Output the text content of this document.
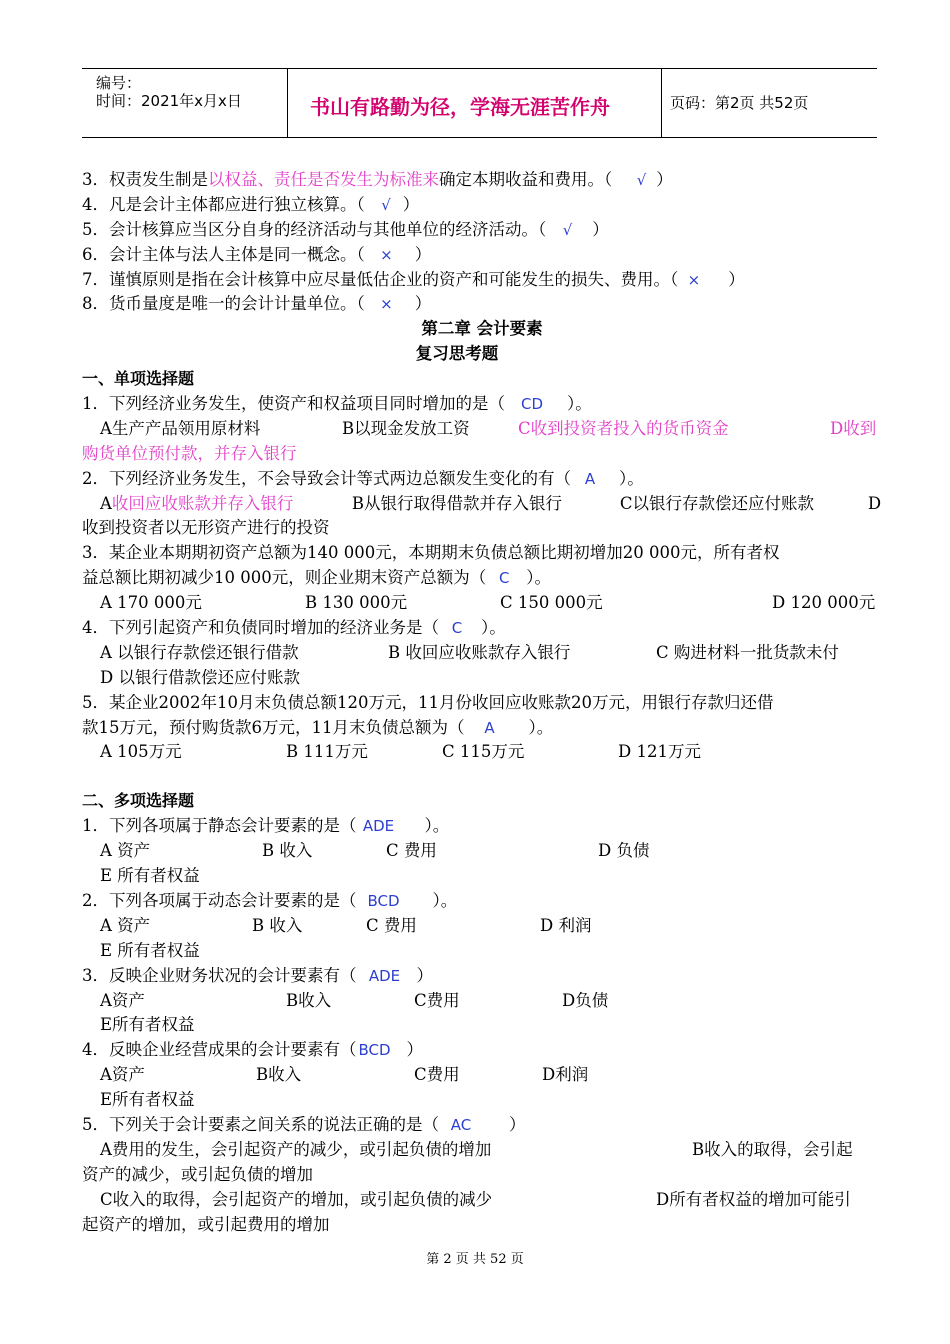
编号：
时间：2021年x月x日	书山有路勤为径，学海无涯苦作舟	页码：第2页 共52页
3．权责发生制是以权益、责任是否发生为标准来确定本期收益和费用。（ √ ）
4．凡是会计主体都应进行独立核算。（ √ ）
5．会计核算应当区分自身的经济活动与其他单位的经济活动。（ √ ）
6．会计主体与法人主体是同一概念。（ × ）
7．谨慎原则是指在会计核算中应尽量低估企业的资产和可能发生的损失、费用。（ × ）
8．货币量度是唯一的会计计量单位。（ × ）
第二章 会计要素
复习思考题
一、单项选择题
1．下列经济业务发生，使资产和权益项目同时增加的是（ CD ）。
A生产产品领用原材料	B以现金发放工资	C收到投资者投入的货币资金	D收到
购货单位预付款，并存入银行
2．下列经济业务发生，不会导致会计等式两边总额发生变化的有（ A ）。
A收回应收账款并存入银行	B从银行取得借款并存入银行	C以银行存款偿还应付账款	D
收到投资者以无形资产进行的投资
3．某企业本期期初资产总额为140 000元，本期期末负债总额比期初增加20 000元，所有者权
益总额比期初减少10 000元，则企业期末资产总额为（ C ）。
A 170 000元	B 130 000元	C 150 000元	D 120 000元
4．下列引起资产和负债同时增加的经济业务是（ C ）。
A 以银行存款偿还银行借款	B 收回应收账款存入银行	C 购进材料一批货款未付
D 以银行借款偿还应付账款
5．某企业2002年10月末负债总额120万元，11月份收回应收账款20万元，用银行存款归还借
款15万元，预付购货款6万元，11月末负债总额为（ A ）。
A 105万元	B 111万元	C 115万元	D 121万元
二、多项选择题
1．下列各项属于静态会计要素的是（ ADE ）。
A 资产	B 收入	C 费用	D 负债
E 所有者权益
2．下列各项属于动态会计要素的是（ BCD ）。
A 资产	B 收入	C 费用	D 利润
E 所有者权益
3．反映企业财务状况的会计要素有（ ADE ）
A资产	B收入	C费用	D负债
E所有者权益
4．反映企业经营成果的会计要素有（ BCD ）
A资产	B收入	C费用	D利润
E所有者权益
5．下列关于会计要素之间关系的说法正确的是（ AC ）
A费用的发生，会引起资产的减少，或引起负债的增加	B收入的取得，会引起
资产的减少，或引起负债的增加
C收入的取得，会引起资产的增加，或引起负债的减少	D所有者权益的增加可能引
起资产的增加，或引起费用的增加
第 2 页 共 52 页
